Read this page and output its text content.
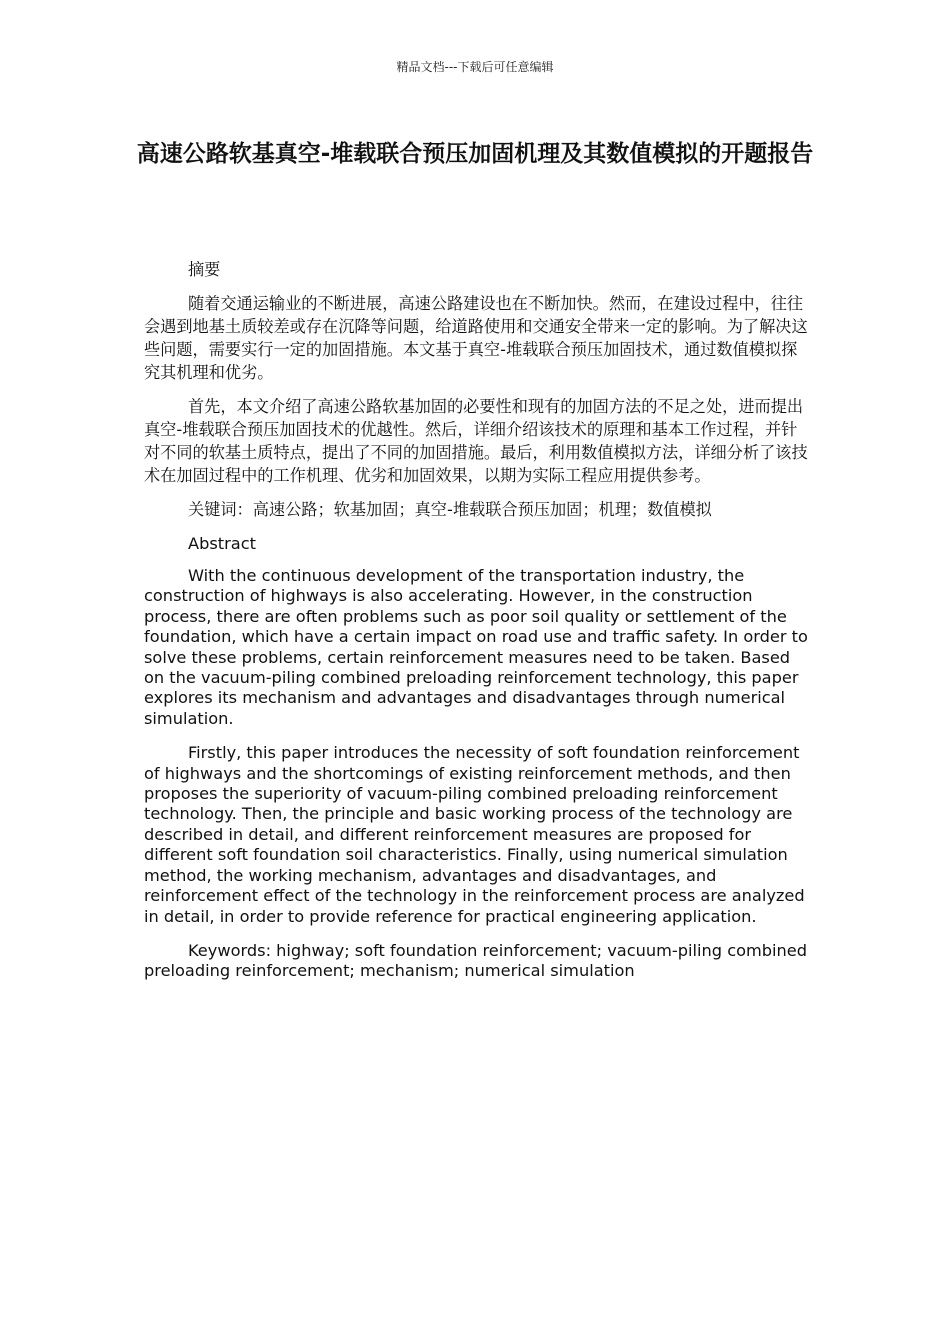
精品文档---下载后可任意编辑
高速公路软基真空-堆载联合预压加固机理及其数值模拟的开题报告

摘要

随着交通运输业的不断进展，高速公路建设也在不断加快。然而，在建设过程中，往往会遇到地基土质较差或存在沉降等问题，给道路使用和交通安全带来一定的影响。为了解决这些问题，需要实行一定的加固措施。本文基于真空-堆载联合预压加固技术，通过数值模拟探究其机理和优劣。

首先，本文介绍了高速公路软基加固的必要性和现有的加固方法的不足之处，进而提出真空-堆载联合预压加固技术的优越性。然后，详细介绍该技术的原理和基本工作过程，并针对不同的软基土质特点，提出了不同的加固措施。最后，利用数值模拟方法，详细分析了该技术在加固过程中的工作机理、优劣和加固效果，以期为实际工程应用提供参考。

关键词：高速公路；软基加固；真空-堆载联合预压加固；机理；数值模拟

Abstract

With the continuous development of the transportation industry, the construction of highways is also accelerating. However, in the construction process, there are often problems such as poor soil quality or settlement of the foundation, which have a certain impact on road use and traffic safety. In order to solve these problems, certain reinforcement measures need to be taken. Based on the vacuum-piling combined preloading reinforcement technology, this paper explores its mechanism and advantages and disadvantages through numerical simulation.

Firstly, this paper introduces the necessity of soft foundation reinforcement of highways and the shortcomings of existing reinforcement methods, and then proposes the superiority of vacuum-piling combined preloading reinforcement technology. Then, the principle and basic working process of the technology are described in detail, and different reinforcement measures are proposed for different soft foundation soil characteristics. Finally, using numerical simulation method, the working mechanism, advantages and disadvantages, and reinforcement effect of the technology in the reinforcement process are analyzed in detail, in order to provide reference for practical engineering application.

Keywords: highway; soft foundation reinforcement; vacuum-piling combined preloading reinforcement; mechanism; numerical simulation
